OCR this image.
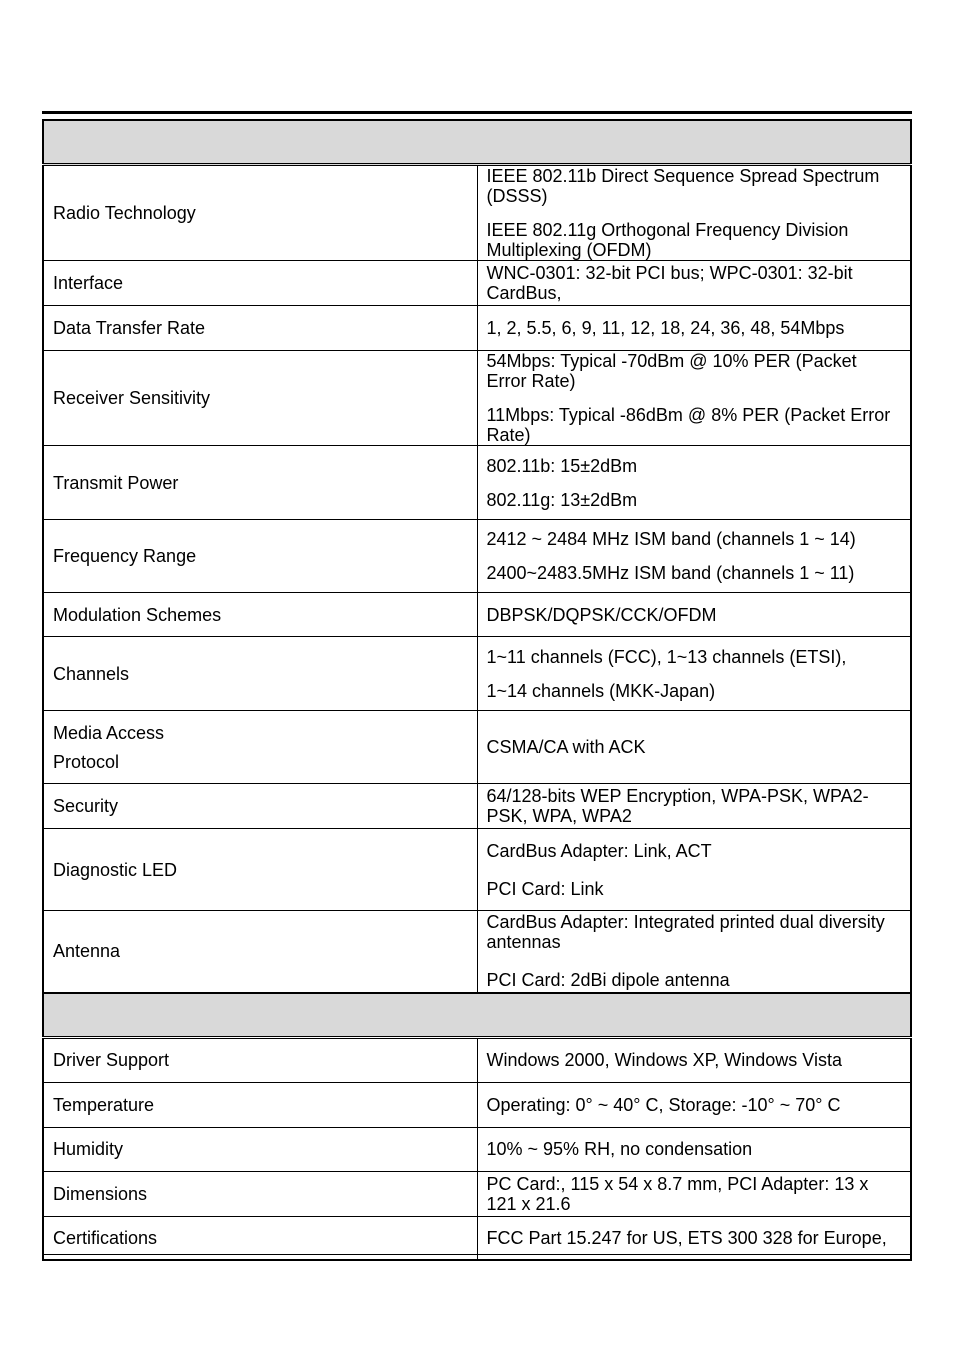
Radio Technology	IEEE 802.11b Direct Sequence Spread Spectrum (DSSS)
IEEE 802.11g Orthogonal Frequency Division Multiplexing (OFDM)

Interface	WNC-0301: 32-bit PCI bus; WPC-0301: 32-bit CardBus,

Data Transfer Rate	1, 2, 5.5, 6, 9, 11, 12, 18, 24, 36, 48, 54Mbps

Receiver Sensitivity	54Mbps: Typical -70dBm @ 10% PER (Packet Error Rate)
11Mbps: Typical -86dBm @ 8% PER (Packet Error Rate)

Transmit Power	802.11b: 15±2dBm
802.11g: 13±2dBm

Frequency Range	2412 ~ 2484 MHz ISM band (channels 1 ~ 14)
2400~2483.5MHz ISM band (channels 1 ~ 11)

Modulation Schemes	DBPSK/DQPSK/CCK/OFDM

Channels	1~11 channels (FCC), 1~13 channels (ETSI),
1~14 channels (MKK-Japan)

Media Access
Protocol	CSMA/CA with ACK

Security	64/128-bits WEP Encryption, WPA-PSK, WPA2-PSK, WPA, WPA2

Diagnostic LED	CardBus Adapter: Link, ACT
PCI Card: Link

Antenna	CardBus Adapter: Integrated printed dual diversity antennas
PCI Card: 2dBi dipole antenna

Driver Support	Windows 2000, Windows XP, Windows Vista

Temperature	Operating: 0° ~ 40° C, Storage: -10° ~ 70° C

Humidity	10% ~ 95% RH, no condensation

Dimensions	PC Card:, 115 x 54 x 8.7 mm, PCI Adapter: 13 x 121 x 21.6

Certifications	FCC Part 15.247 for US, ETS 300 328 for Europe,
